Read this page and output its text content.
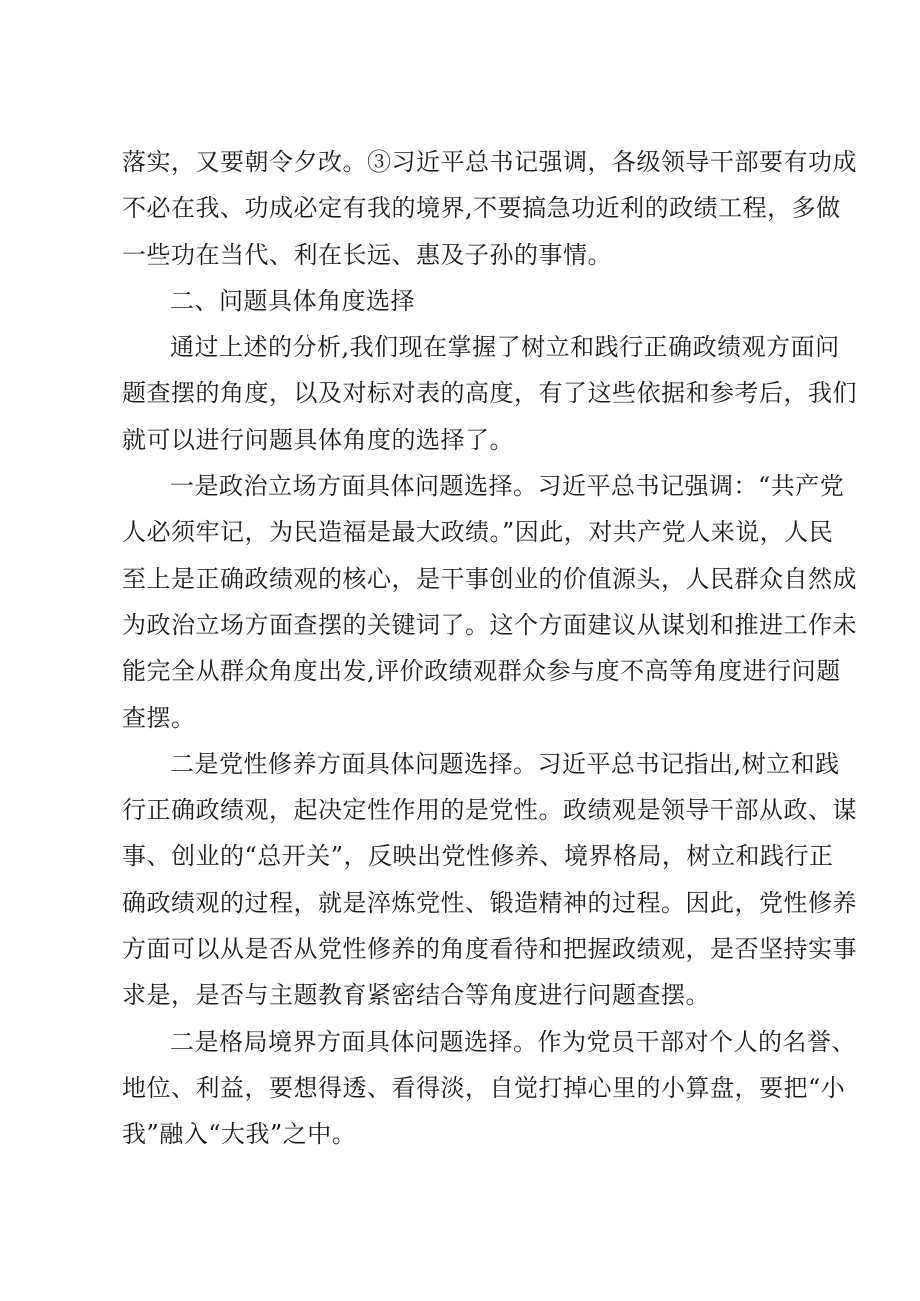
落实，又要朝令夕改。③习近平总书记强调，各级领导干部要有功成
不必在我、功成必定有我的境界,不要搞急功近利的政绩工程，多做
一些功在当代、利在长远、惠及子孙的事情。

二、问题具体角度选择

通过上述的分析,我们现在掌握了树立和践行正确政绩观方面问
题查摆的角度，以及对标对表的高度，有了这些依据和参考后，我们
就可以进行问题具体角度的选择了。

一是政治立场方面具体问题选择。习近平总书记强调：“共产党
人必须牢记，为民造福是最大政绩。”因此，对共产党人来说，人民
至上是正确政绩观的核心，是干事创业的价值源头，人民群众自然成
为政治立场方面查摆的关键词了。这个方面建议从谋划和推进工作未
能完全从群众角度出发,评价政绩观群众参与度不高等角度进行问题
查摆。

二是党性修养方面具体问题选择。习近平总书记指出,树立和践
行正确政绩观，起决定性作用的是党性。政绩观是领导干部从政、谋
事、创业的“总开关”，反映出党性修养、境界格局，树立和践行正
确政绩观的过程，就是淬炼党性、锻造精神的过程。因此，党性修养
方面可以从是否从党性修养的角度看待和把握政绩观，是否坚持实事
求是，是否与主题教育紧密结合等角度进行问题查摆。

二是格局境界方面具体问题选择。作为党员干部对个人的名誉、
地位、利益，要想得透、看得淡，自觉打掉心里的小算盘，要把“小
我”融入“大我”之中。
